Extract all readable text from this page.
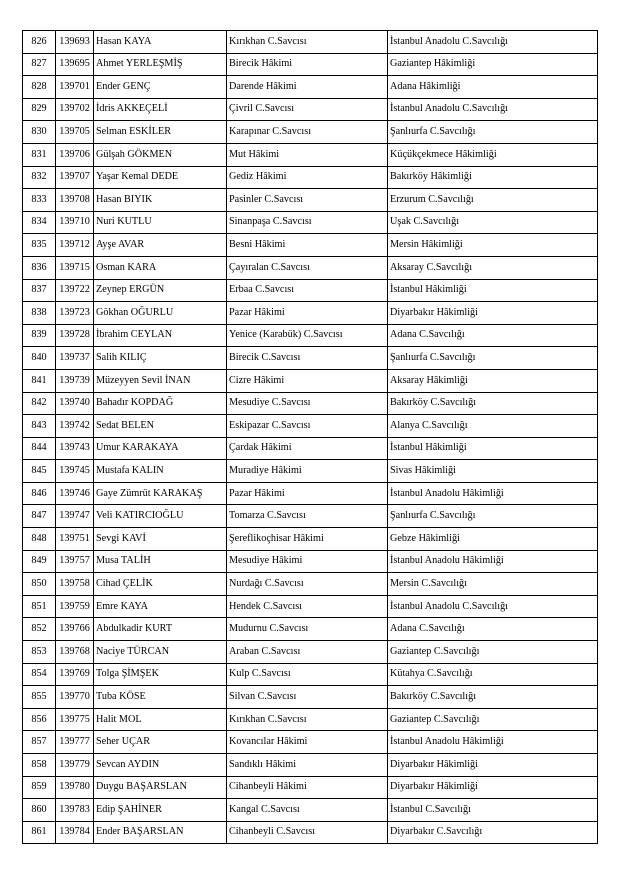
826	139693	Hasan KAYA	Kırıkhan C.Savcısı	İstanbul Anadolu C.Savcılığı
827	139695	Ahmet YERLEŞMİŞ	Birecik Hâkimi	Gaziantep Hâkimliği
828	139701	Ender GENÇ	Darende Hâkimi	Adana Hâkimliği
829	139702	İdris AKKEÇELİ	Çivril C.Savcısı	İstanbul Anadolu C.Savcılığı
830	139705	Selman ESKİLER	Karapınar C.Savcısı	Şanlıurfa C.Savcılığı
831	139706	Gülşah GÖKMEN	Mut Hâkimi	Küçükçekmece Hâkimliği
832	139707	Yaşar Kemal DEDE	Gediz Hâkimi	Bakırköy Hâkimliği
833	139708	Hasan BIYIK	Pasinler C.Savcısı	Erzurum C.Savcılığı
834	139710	Nuri KUTLU	Sinanpaşa C.Savcısı	Uşak C.Savcılığı
835	139712	Ayşe AVAR	Besni Hâkimi	Mersin Hâkimliği
836	139715	Osman KARA	Çayıralan C.Savcısı	Aksaray C.Savcılığı
837	139722	Zeynep ERGÜN	Erbaa C.Savcısı	İstanbul Hâkimliği
838	139723	Gökhan OĞURLU	Pazar Hâkimi	Diyarbakır Hâkimliği
839	139728	İbrahim CEYLAN	Yenice (Karabük) C.Savcısı	Adana C.Savcılığı
840	139737	Salih KILIÇ	Birecik C.Savcısı	Şanlıurfa C.Savcılığı
841	139739	Müzeyyen Sevil İNAN	Cizre Hâkimi	Aksaray Hâkimliği
842	139740	Bahadır KOPDAĞ	Mesudiye C.Savcısı	Bakırköy C.Savcılığı
843	139742	Sedat BELEN	Eskipazar C.Savcısı	Alanya C.Savcılığı
844	139743	Umur KARAKAYA	Çardak Hâkimi	İstanbul Hâkimliği
845	139745	Mustafa KALIN	Muradiye Hâkimi	Sivas Hâkimliği
846	139746	Gaye Zümrüt KARAKAŞ	Pazar Hâkimi	İstanbul Anadolu Hâkimliği
847	139747	Veli KATIRCIOĞLU	Tomarza C.Savcısı	Şanlıurfa C.Savcılığı
848	139751	Sevgi KAVİ	Şereflikoçhisar Hâkimi	Gebze Hâkimliği
849	139757	Musa TALİH	Mesudiye Hâkimi	İstanbul Anadolu Hâkimliği
850	139758	Cihad ÇELİK	Nurdağı C.Savcısı	Mersin C.Savcılığı
851	139759	Emre KAYA	Hendek C.Savcısı	İstanbul Anadolu C.Savcılığı
852	139766	Abdulkadir KURT	Mudurnu C.Savcısı	Adana C.Savcılığı
853	139768	Naciye TÜRCAN	Araban C.Savcısı	Gaziantep C.Savcılığı
854	139769	Tolga ŞİMŞEK	Kulp C.Savcısı	Kütahya C.Savcılığı
855	139770	Tuba KÖSE	Silvan C.Savcısı	Bakırköy C.Savcılığı
856	139775	Halit MOL	Kırıkhan C.Savcısı	Gaziantep C.Savcılığı
857	139777	Seher UÇAR	Kovancılar Hâkimi	İstanbul Anadolu Hâkimliği
858	139779	Sevcan AYDIN	Sandıklı Hâkimi	Diyarbakır Hâkimliği
859	139780	Duygu BAŞARSLAN	Cihanbeyli Hâkimi	Diyarbakır Hâkimliği
860	139783	Edip ŞAHİNER	Kangal C.Savcısı	İstanbul C.Savcılığı
861	139784	Ender BAŞARSLAN	Cihanbeyli C.Savcısı	Diyarbakır C.Savcılığı
